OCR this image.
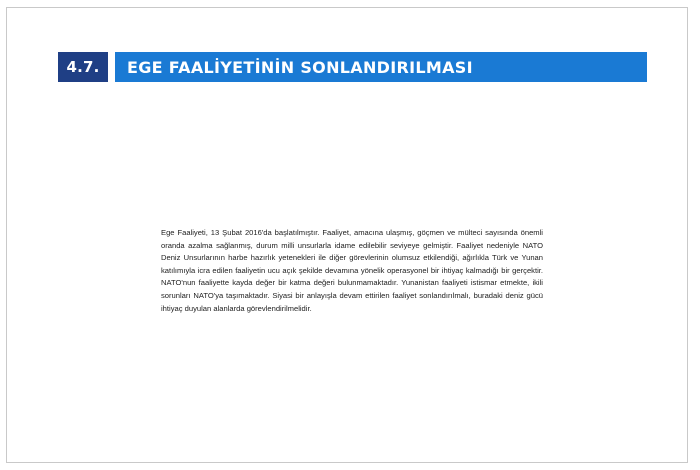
4.7.	EGE FAALİYETİNİN SONLANDIRILMASI

Ege Faaliyeti, 13 Şubat 2016'da başlatılmıştır. Faaliyet, amacına ulaşmış, göçmen ve mülteci sayısında önemli oranda azalma sağlanmış, durum milli unsurlarla idame edilebilir seviyeye gelmiştir. Faaliyet nedeniyle NATO Deniz Unsurlarının harbe hazırlık yetenekleri ile diğer görevlerinin olumsuz etkilendiği, ağırlıkla Türk ve Yunan katılımıyla icra edilen faaliyetin ucu açık şekilde devamına yönelik operasyonel bir ihtiyaç kalmadığı bir gerçektir. NATO'nun faaliyette kayda değer bir katma değeri bulunmamaktadır. Yunanistan faaliyeti istismar etmekte, ikili sorunları NATO'ya taşımaktadır. Siyasi bir anlayışla devam ettirilen faaliyet sonlandırılmalı, buradaki deniz gücü ihtiyaç duyulan alanlarda görevlendirilmelidir.
